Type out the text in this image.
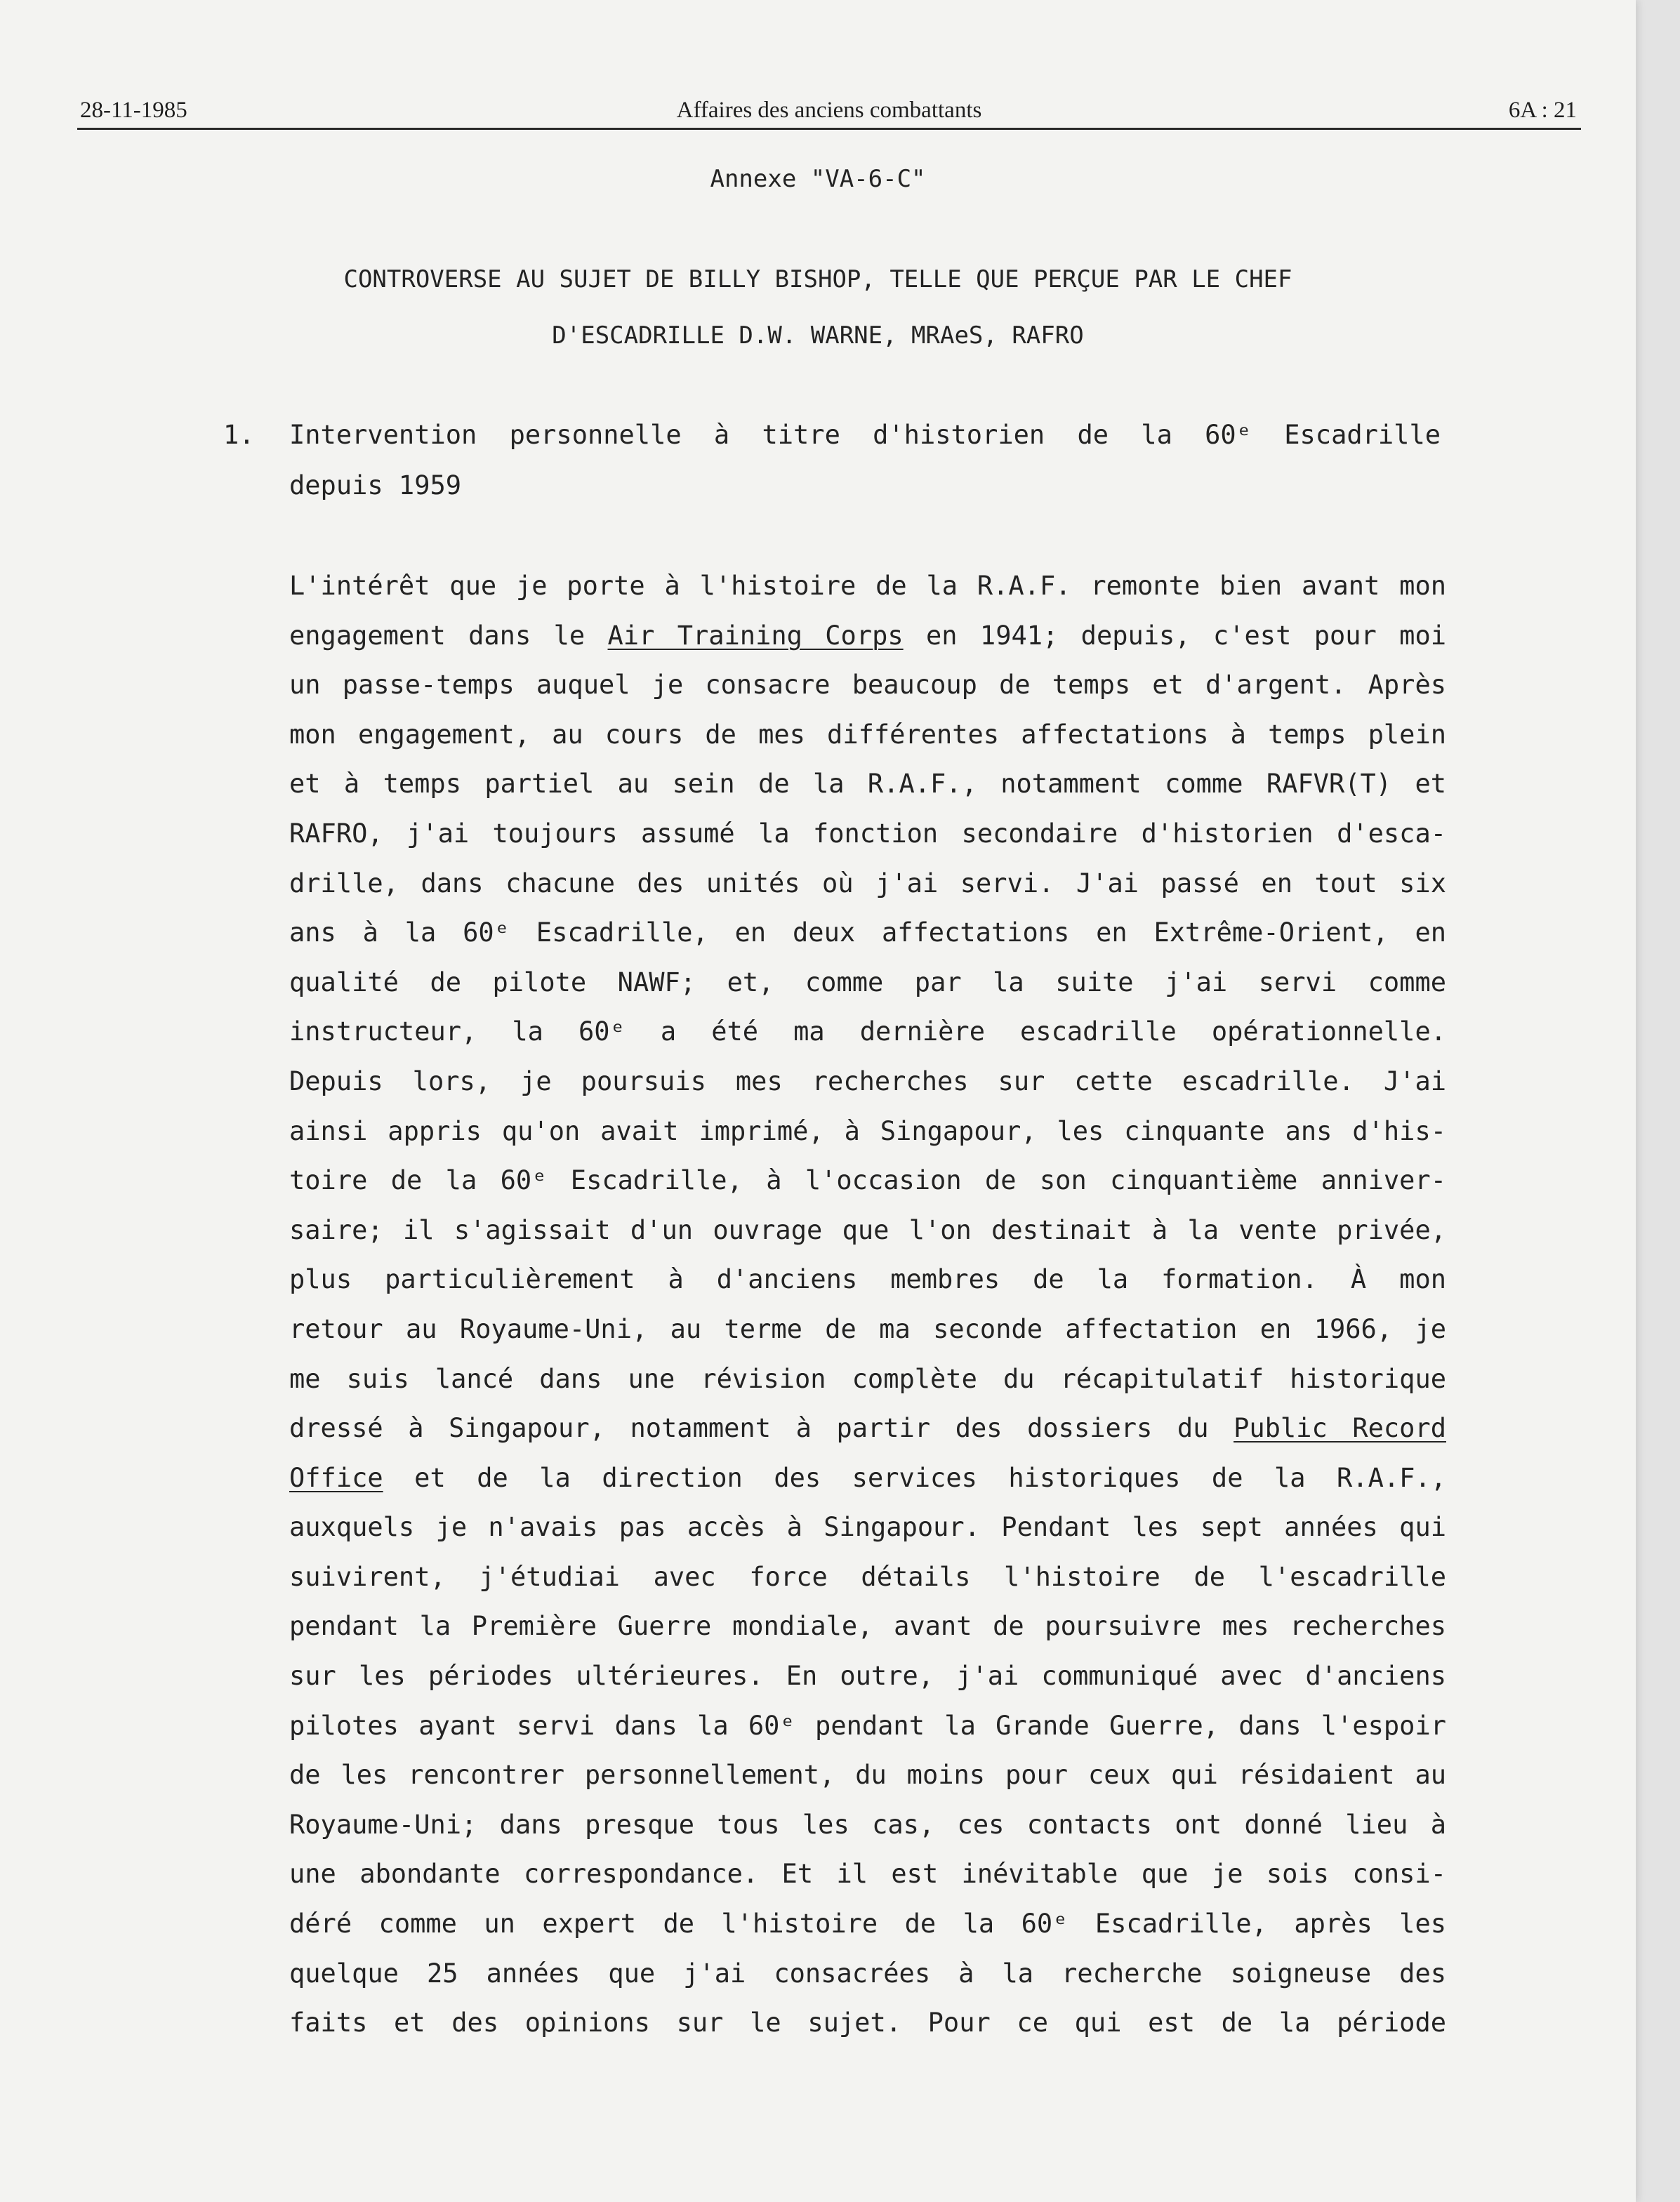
28-11-1985	Affaires des anciens combattants	6A : 21
Annexe "VA-6-C"
CONTROVERSE AU SUJET DE BILLY BISHOP, TELLE QUE PERÇUE PAR LE CHEF
D'ESCADRILLE D.W. WARNE, MRAeS, RAFRO
1. Intervention personnelle à titre d'historien de la 60ᵉ Escadrille
depuis 1959
L'intérêt que je porte à l'histoire de la R.A.F. remonte bien avant mon
engagement dans le Air Training Corps en 1941; depuis, c'est pour moi
un passe-temps auquel je consacre beaucoup de temps et d'argent. Après
mon engagement, au cours de mes différentes affectations à temps plein
et à temps partiel au sein de la R.A.F., notamment comme RAFVR(T) et
RAFRO, j'ai toujours assumé la fonction secondaire d'historien d'esca-
drille, dans chacune des unités où j'ai servi. J'ai passé en tout six
ans à la 60ᵉ Escadrille, en deux affectations en Extrême-Orient, en
qualité de pilote NAWF; et, comme par la suite j'ai servi comme
instructeur, la 60ᵉ a été ma dernière escadrille opérationnelle.
Depuis lors, je poursuis mes recherches sur cette escadrille. J'ai
ainsi appris qu'on avait imprimé, à Singapour, les cinquante ans d'his-
toire de la 60ᵉ Escadrille, à l'occasion de son cinquantième anniver-
saire; il s'agissait d'un ouvrage que l'on destinait à la vente privée,
plus particulièrement à d'anciens membres de la formation. À mon
retour au Royaume-Uni, au terme de ma seconde affectation en 1966, je
me suis lancé dans une révision complète du récapitulatif historique
dressé à Singapour, notamment à partir des dossiers du Public Record
Office et de la direction des services historiques de la R.A.F.,
auxquels je n'avais pas accès à Singapour. Pendant les sept années qui
suivirent, j'étudiai avec force détails l'histoire de l'escadrille
pendant la Première Guerre mondiale, avant de poursuivre mes recherches
sur les périodes ultérieures. En outre, j'ai communiqué avec d'anciens
pilotes ayant servi dans la 60ᵉ pendant la Grande Guerre, dans l'espoir
de les rencontrer personnellement, du moins pour ceux qui résidaient au
Royaume-Uni; dans presque tous les cas, ces contacts ont donné lieu à
une abondante correspondance. Et il est inévitable que je sois consi-
déré comme un expert de l'histoire de la 60ᵉ Escadrille, après les
quelque 25 années que j'ai consacrées à la recherche soigneuse des
faits et des opinions sur le sujet. Pour ce qui est de la période
